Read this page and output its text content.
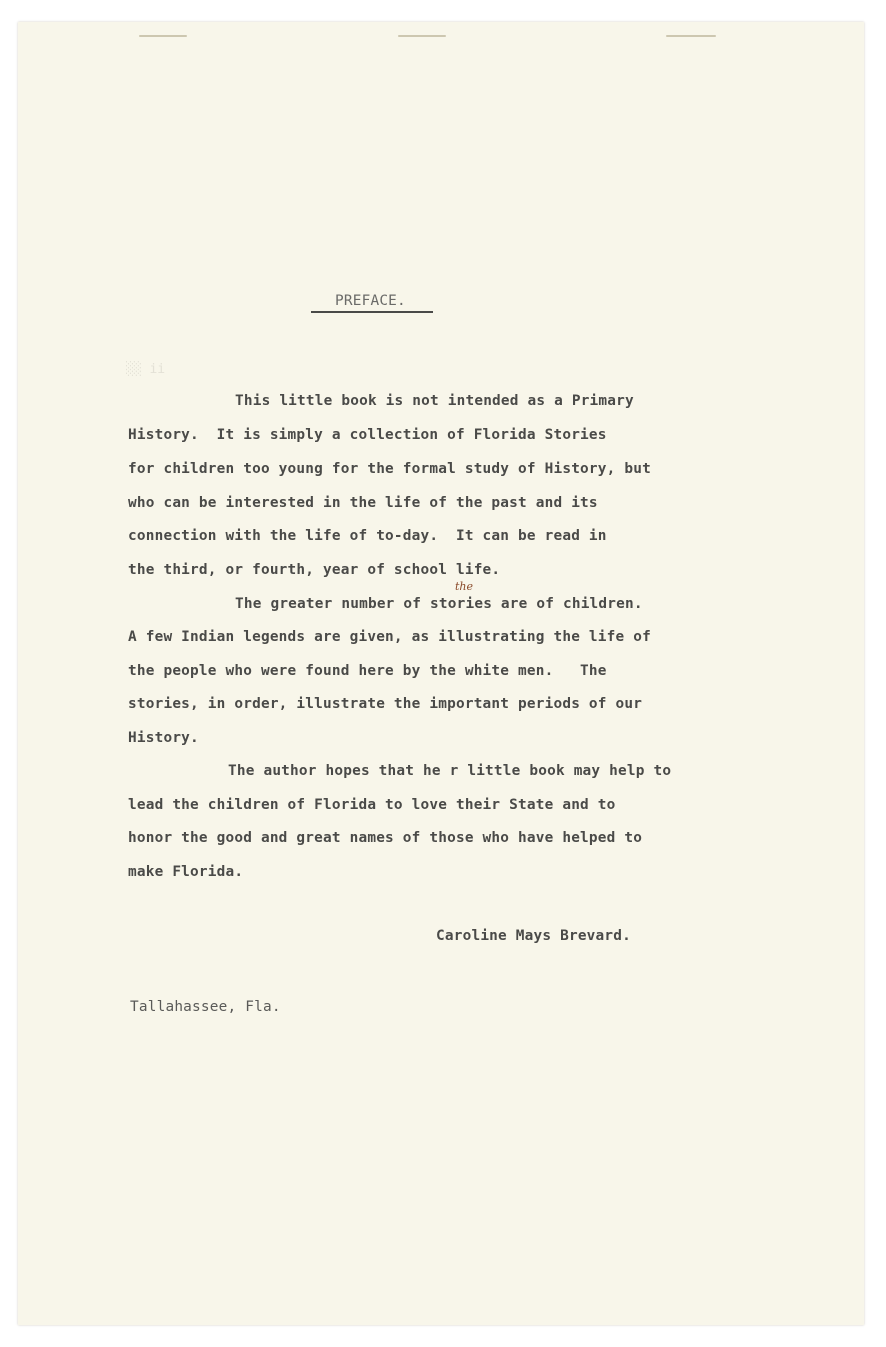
PREFACE.
░░ ii
This little book is not intended as a Primary
History.  It is simply a collection of Florida Stories
for children too young for the formal study of History, but
who can be interested in the life of the past and its
connection with the life of to-day.  It can be read in
the third, or fourth, year of school life.
the
The greater number of stories are of children.
A few Indian legends are given, as illustrating the life of
the people who were found here by the white men.   The
stories, in order, illustrate the important periods of our
History.
The author hopes that he r little book may help to
lead the children of Florida to love their State and to
honor the good and great names of those who have helped to
make Florida.
Caroline Mays Brevard.
Tallahassee, Fla.
